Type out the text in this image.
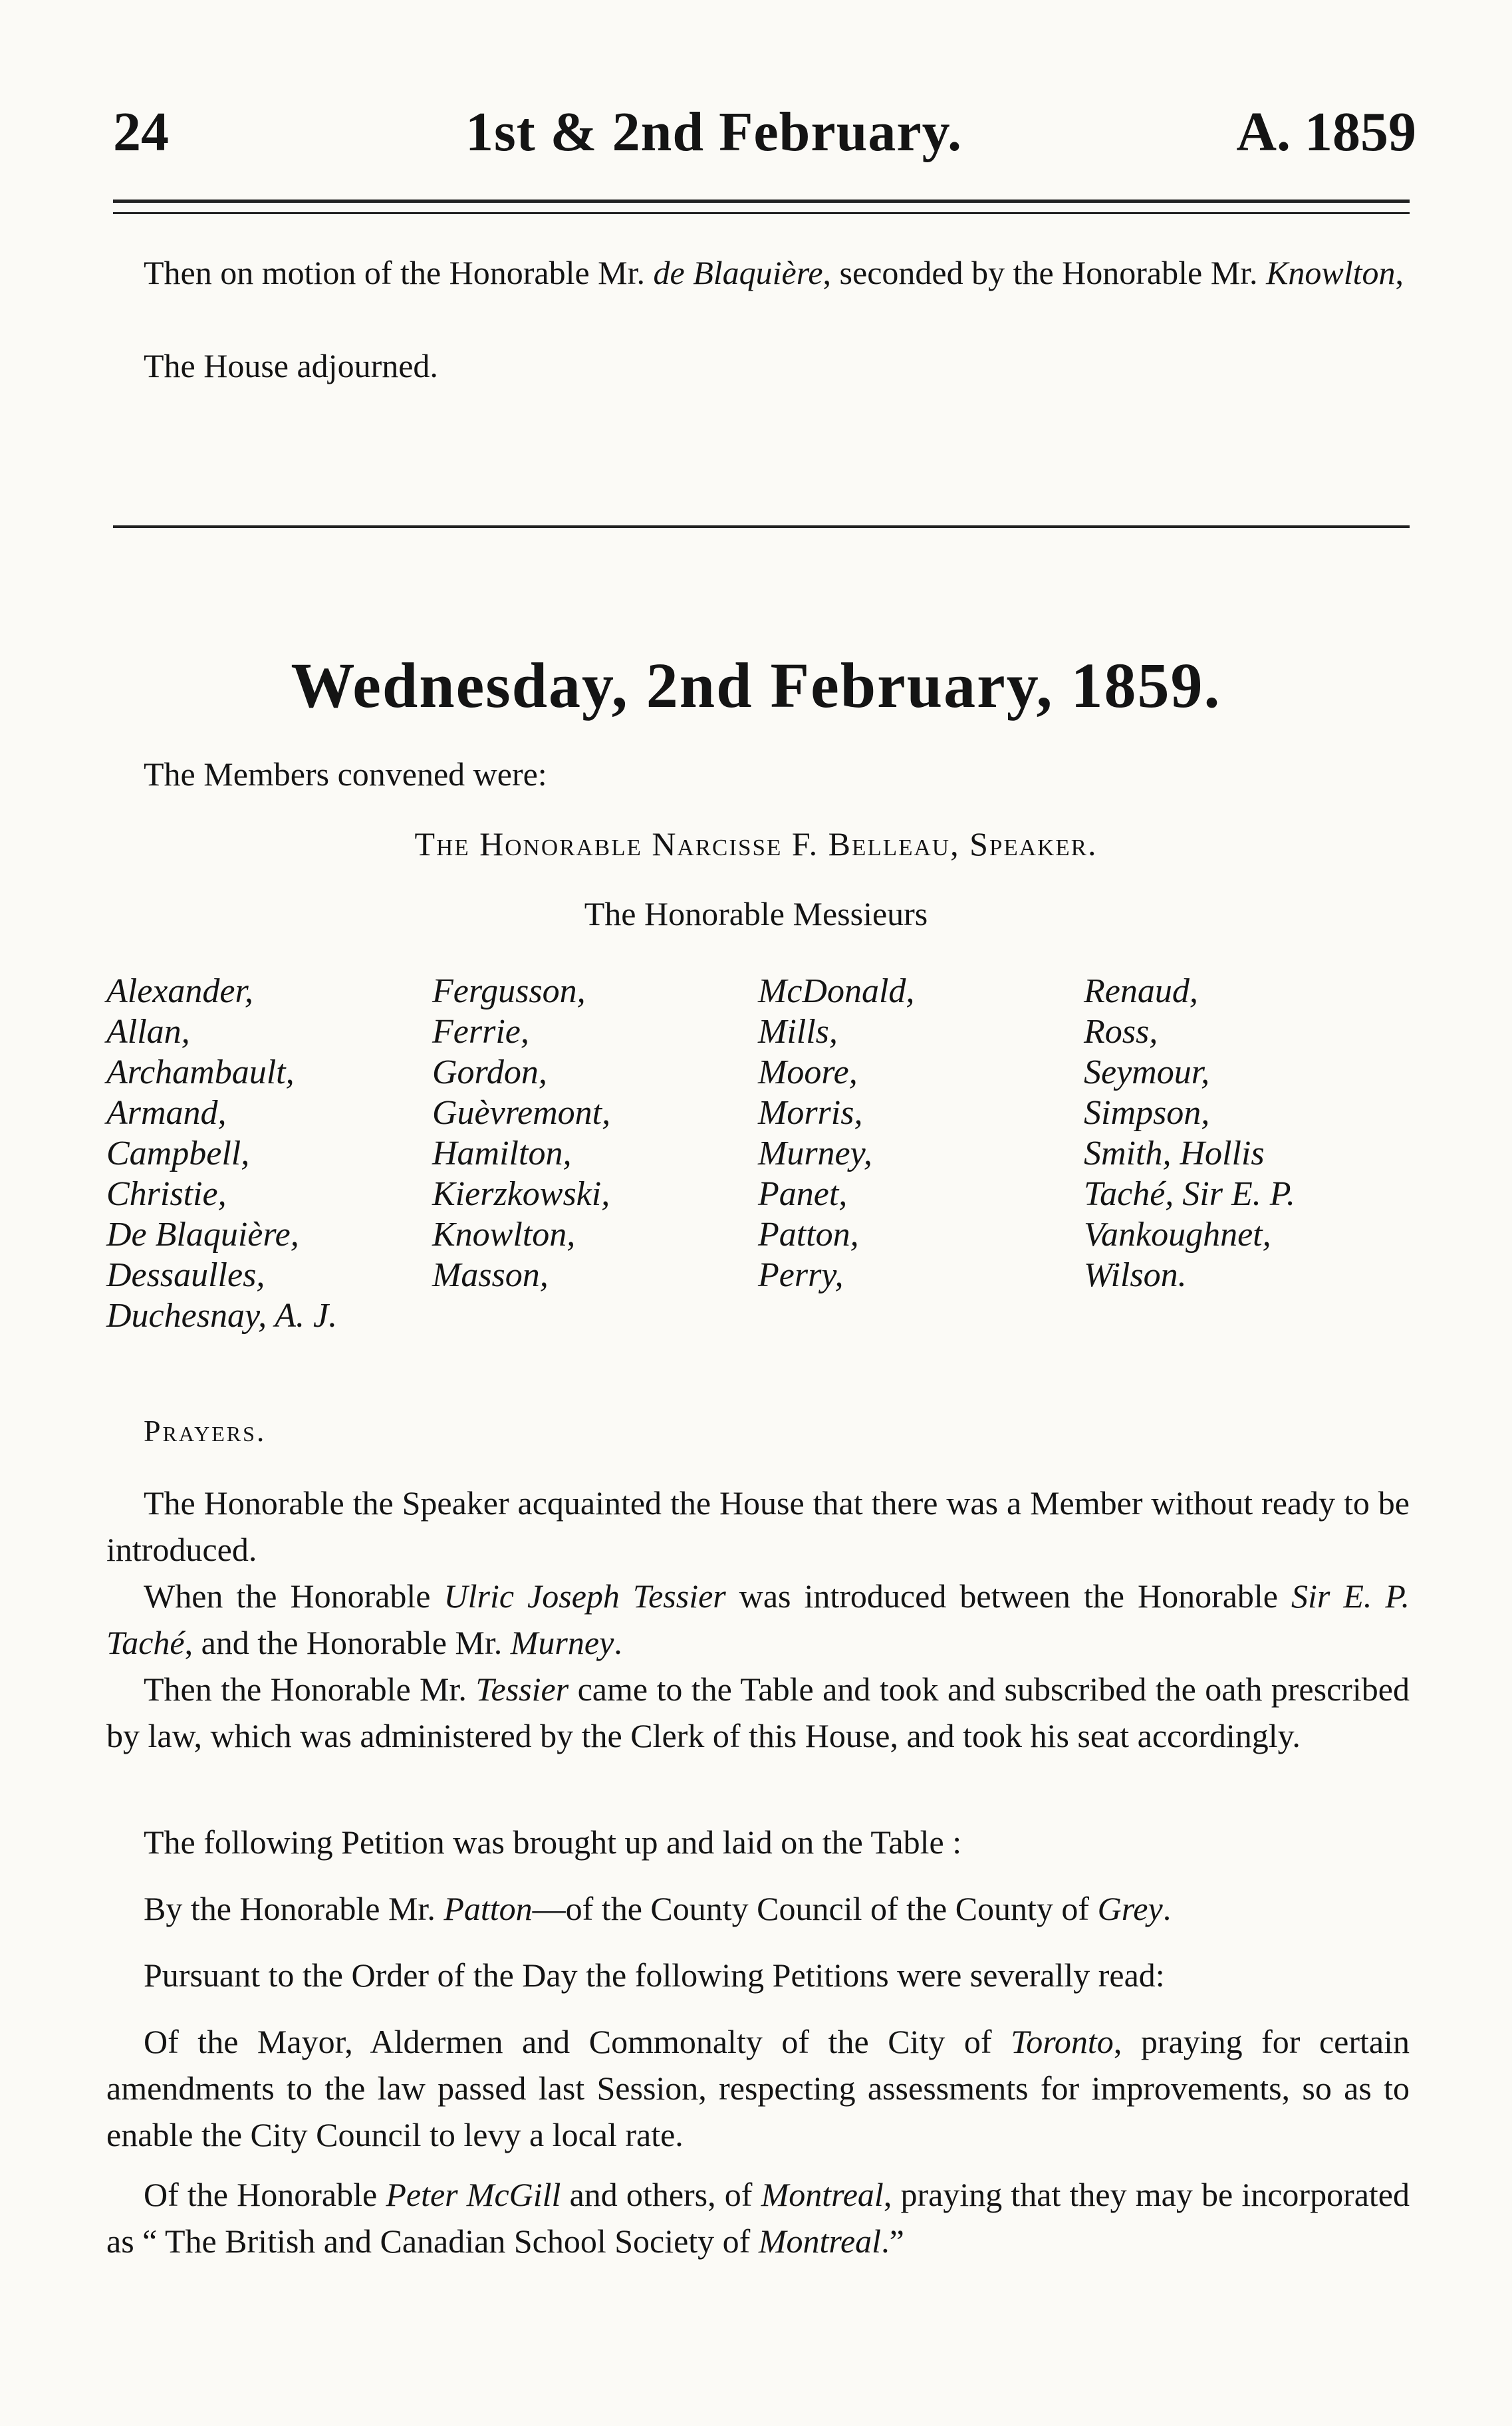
24	1st & 2nd February.	A. 1859

Then on motion of the Honorable Mr. de Blaquière, seconded by the Honorable Mr. Knowlton,

The House adjourned.

Wednesday, 2nd February, 1859.
The Members convened were:
The Honorable Narcisse F. Belleau, Speaker.
The Honorable Messieurs
Alexander,
Allan,
Archambault,
Armand,
Campbell,
Christie,
De Blaquière,
Dessaulles,
Duchesnay, A. J.
Fergusson,
Ferrie,
Gordon,
Guèvremont,
Hamilton,
Kierzkowski,
Knowlton,
Masson,
McDonald,
Mills,
Moore,
Morris,
Murney,
Panet,
Patton,
Perry,
Renaud,
Ross,
Seymour,
Simpson,
Smith, Hollis
Taché, Sir E. P.
Vankoughnet,
Wilson.
Prayers.

The Honorable the Speaker acquainted the House that there was a Member without ready to be introduced.

When the Honorable Ulric Joseph Tessier was introduced between the Honorable Sir E. P. Taché, and the Honorable Mr. Murney.

Then the Honorable Mr. Tessier came to the Table and took and subscribed the oath prescribed by law, which was administered by the Clerk of this House, and took his seat accordingly.

The following Petition was brought up and laid on the Table :

By the Honorable Mr. Patton—of the County Council of the County of Grey.

Pursuant to the Order of the Day the following Petitions were severally read:

Of the Mayor, Aldermen and Commonalty of the City of Toronto, praying for certain amendments to the law passed last Session, respecting assessments for improvements, so as to enable the City Council to levy a local rate.

Of the Honorable Peter McGill and others, of Montreal, praying that they may be incorporated as “ The British and Canadian School Society of Montreal.”
